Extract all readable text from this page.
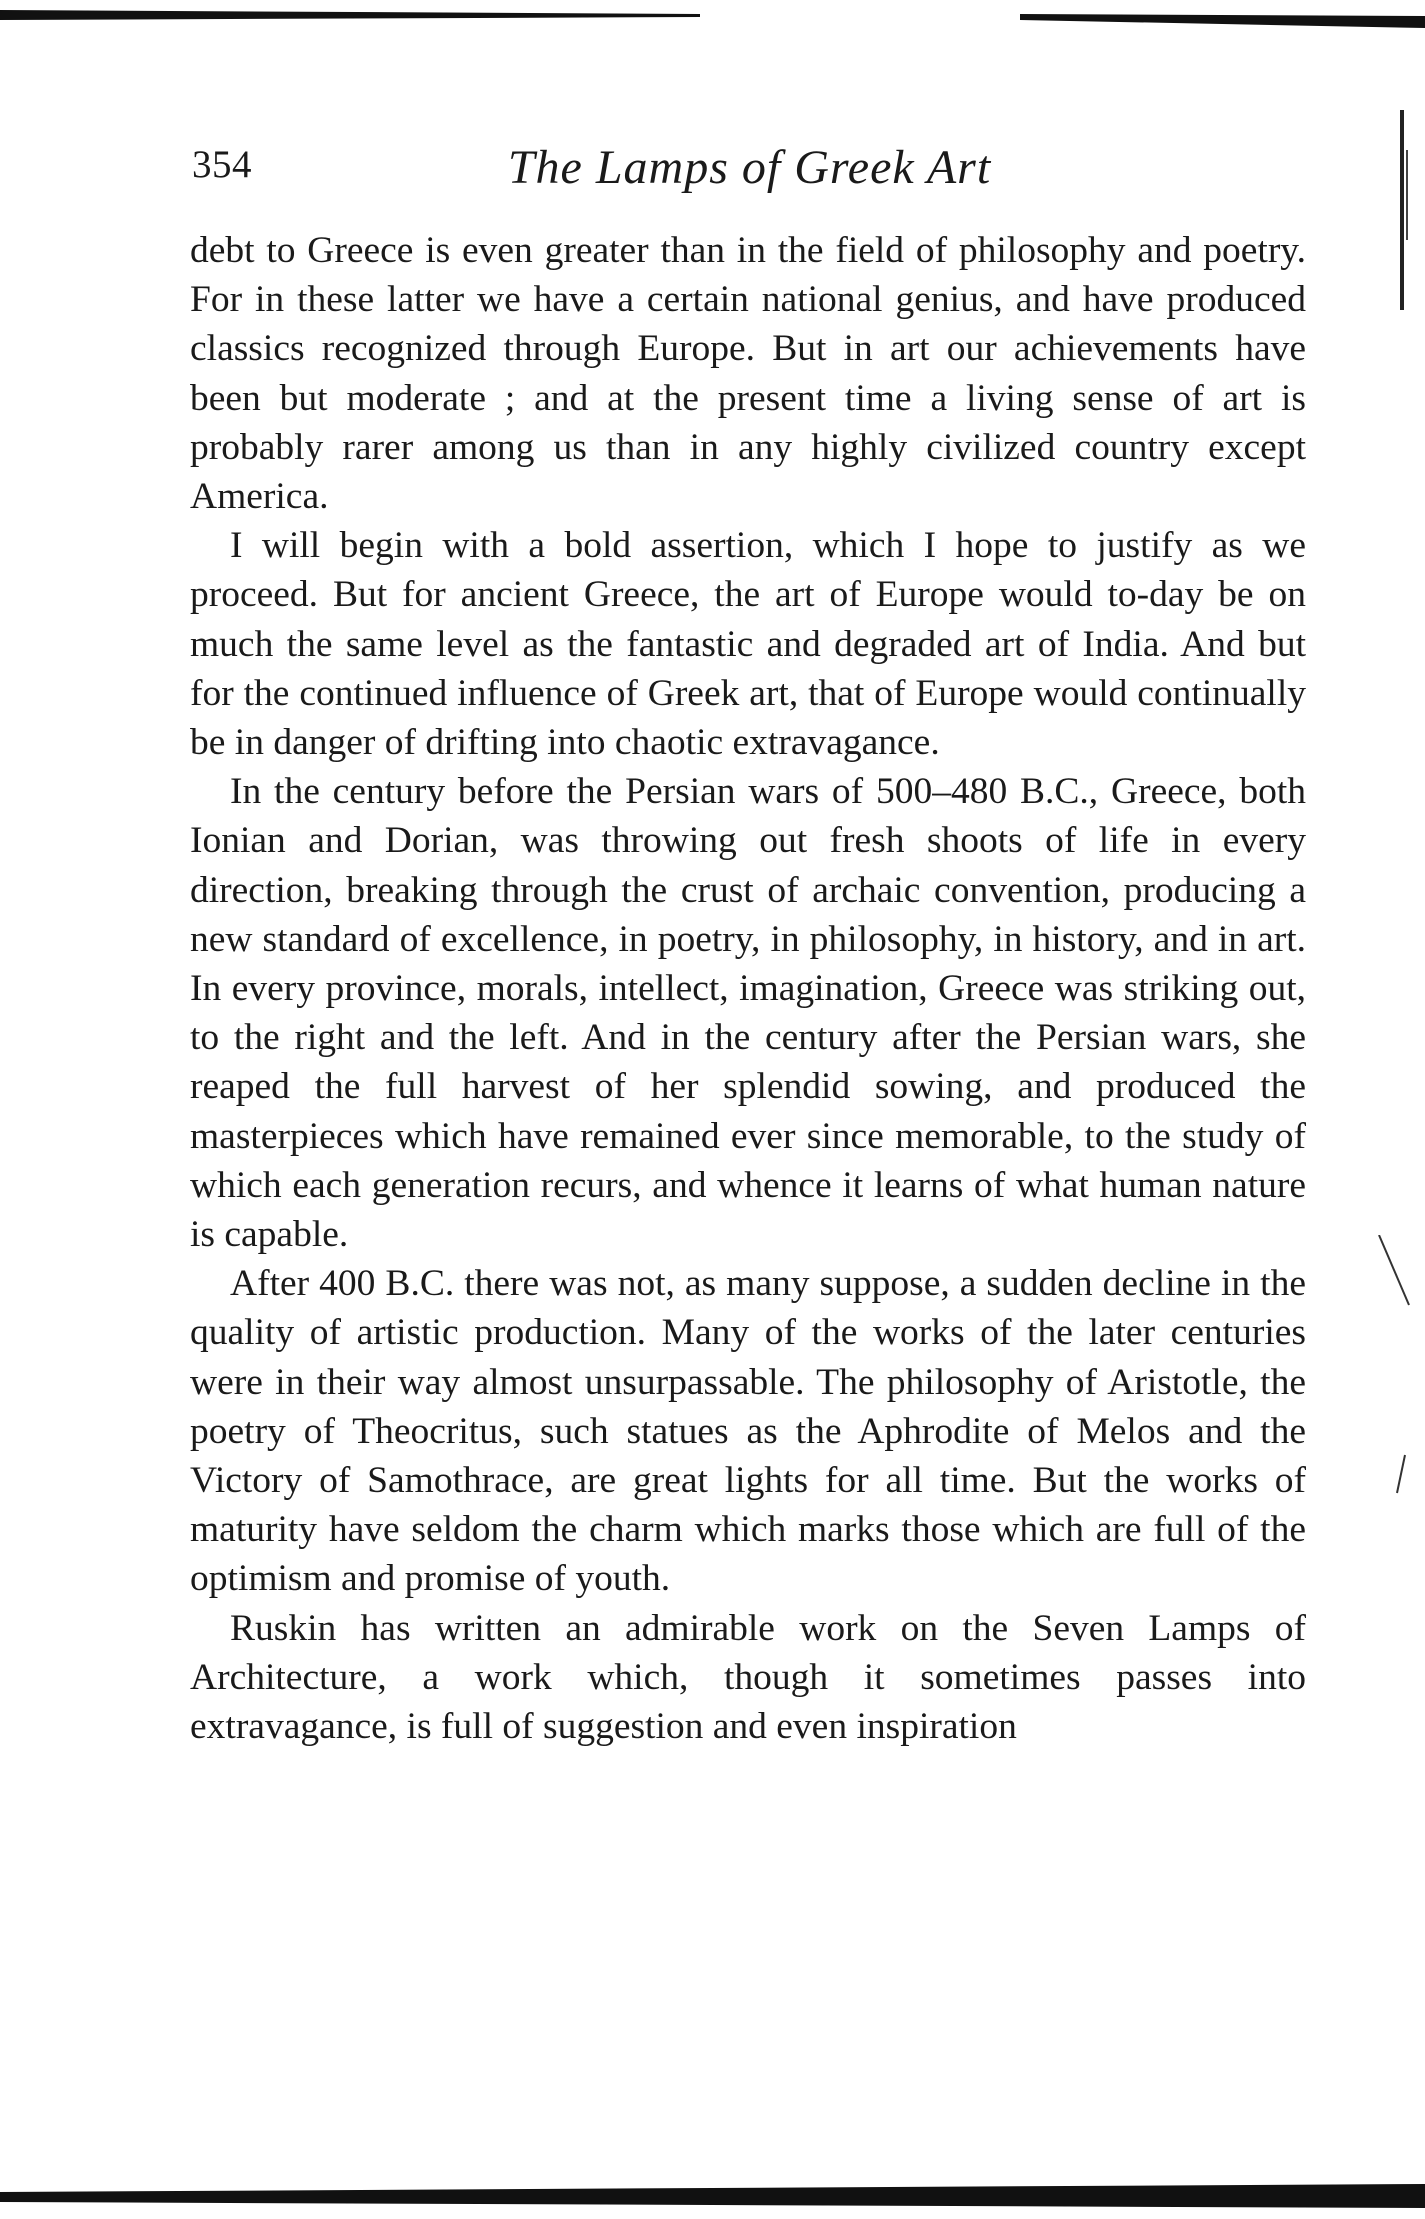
354	The Lamps of Greek Art

debt to Greece is even greater than in the field of philosophy and poetry. For in these latter we have a certain national genius, and have produced classics recognized through Europe. But in art our achievements have been but moderate ; and at the present time a living sense of art is probably rarer among us than in any highly civilized country except America.

I will begin with a bold assertion, which I hope to justify as we proceed. But for ancient Greece, the art of Europe would to-day be on much the same level as the fantastic and degraded art of India. And but for the continued influence of Greek art, that of Europe would continually be in danger of drifting into chaotic extravagance.

In the century before the Persian wars of 500–480 B.C., Greece, both Ionian and Dorian, was throwing out fresh shoots of life in every direction, breaking through the crust of archaic convention, producing a new standard of excellence, in poetry, in philosophy, in history, and in art. In every province, morals, intellect, imagination, Greece was striking out, to the right and the left. And in the century after the Persian wars, she reaped the full harvest of her splendid sowing, and produced the masterpieces which have remained ever since memorable, to the study of which each generation recurs, and whence it learns of what human nature is capable.

After 400 B.C. there was not, as many suppose, a sudden decline in the quality of artistic production. Many of the works of the later centuries were in their way almost unsurpassable. The philosophy of Aristotle, the poetry of Theocritus, such statues as the Aphrodite of Melos and the Victory of Samothrace, are great lights for all time. But the works of maturity have seldom the charm which marks those which are full of the optimism and promise of youth.

Ruskin has written an admirable work on the Seven Lamps of Architecture, a work which, though it sometimes passes into extravagance, is full of suggestion and even inspiration
